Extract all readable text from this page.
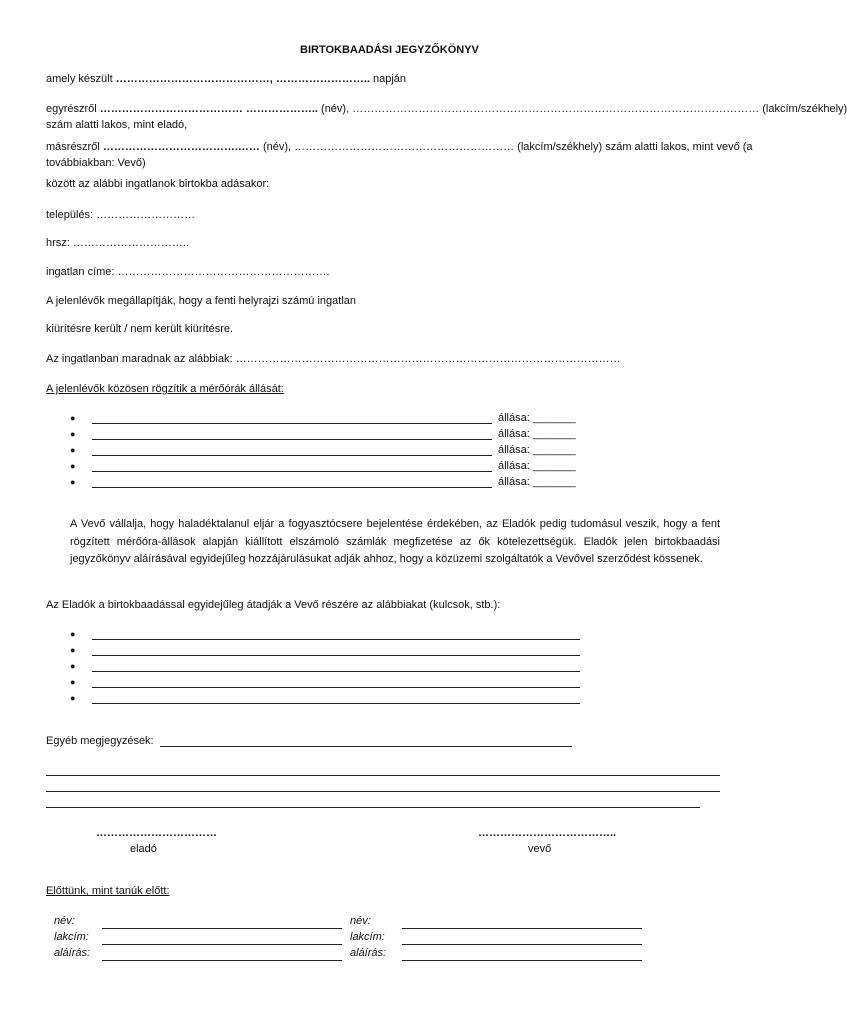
BIRTOKBAADÁSI JEGYZŐKÖNYV
amely készült ……………………………………, …………………….. napján
egyrészről ………………………………… ……………….. (név), ………………………………………………………………………………………………… (lakcím/székhely)
szám alatti lakos, mint eladó,
másrészről ……………………………….…… (név), …………………………………………………… (lakcím/székhely) szám alatti lakos, mint vevő (a
továbbiakban: Vevő)
között az alábbi ingatlanok birtokba adásakor:
település: ………………………
hrsz: …………………………..
ingatlan címe: ………………………………………………….
A jelenlévők megállapítják, hogy a fenti helyrajzi számú ingatlan
kiürítésre került / nem került kiürítésre.
Az ingatlanban maradnak az alábbiak: ……………………………………………………………………………………………
A jelenlévők közösen rögzítik a mérőórák állását:
●	állása: _______
●	állása: _______
●	állása: _______
●	állása: _______
●	állása: _______
A Vevő vállalja, hogy haladéktalanul eljár a fogyasztócsere bejelentése érdekében, az Eladók pedig tudomásul veszik, hogy a fent rögzített mérőóra-állások alapján kiállított elszámoló számlák megfizetése az ők kötelezettségük. Eladók jelen birtokbaadási jegyzőkönyv aláírásával egyidejűleg hozzájárulásukat adják ahhoz, hogy a közüzemi szolgáltatók a Vevővel szerződést kössenek.
Az Eladók a birtokbaadással egyidejűleg átadják a Vevő részére az alábbiakat (kulcsok, stb.):
●
●
●
●
●
Egyéb megjegyzések:
……………………………	………………………………..
eladó	vevő
Előttünk, mint tanúk előtt:
név:
lakcím:
aláírás:
név:
lakcím:
aláírás:
